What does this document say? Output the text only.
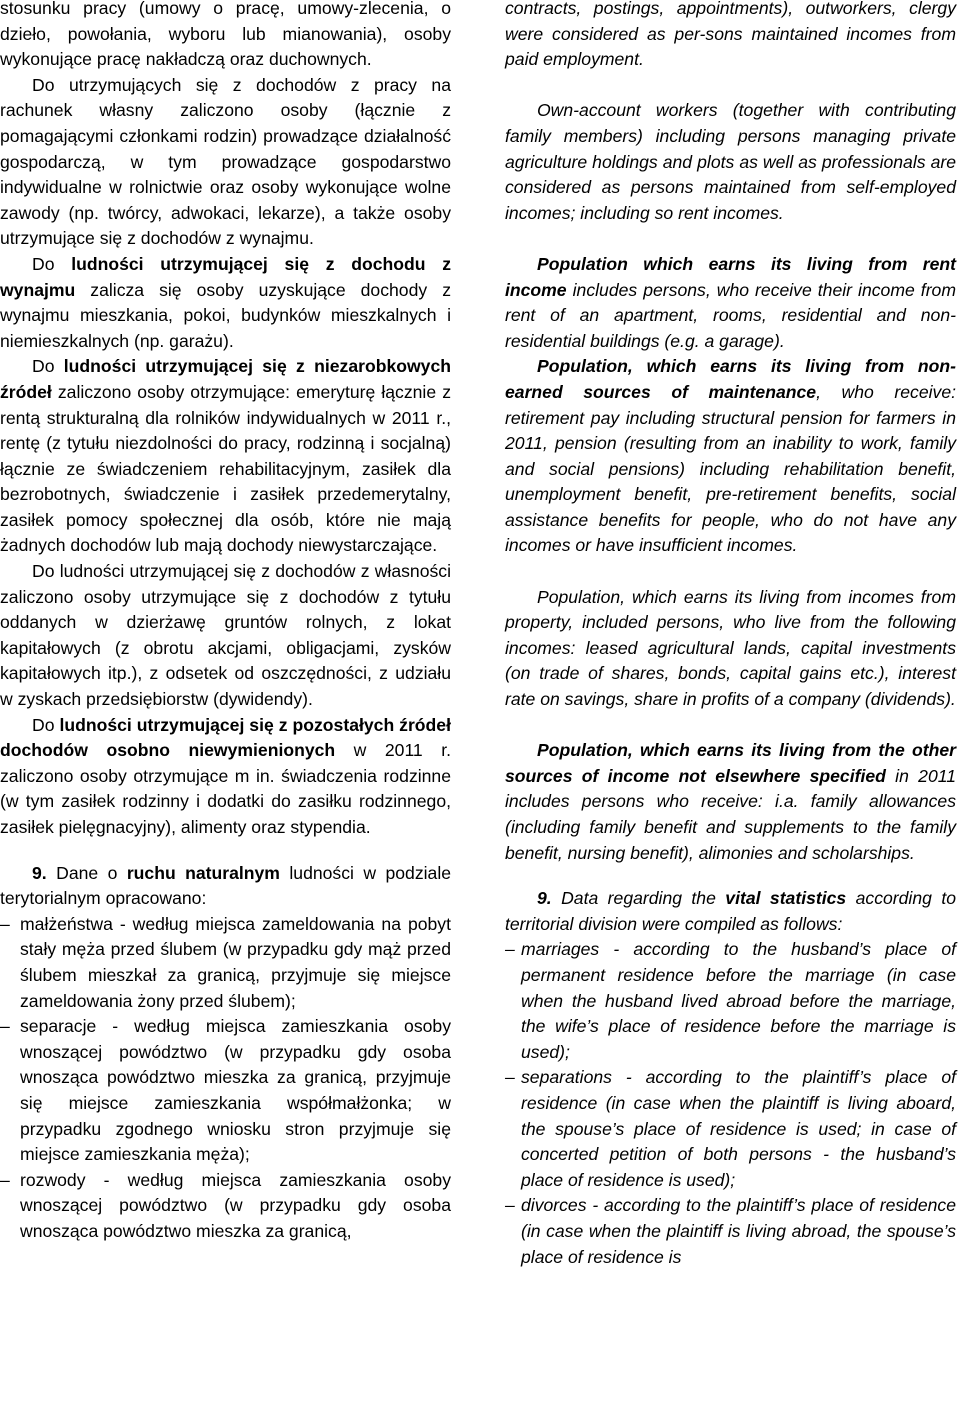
stosunku pracy (umowy o pracę, umowy-zlecenia, o dzieło, powołania, wyboru lub mianowania), osoby wykonujące pracę nakładczą oraz duchownych.

Do utrzymujących się z dochodów z pracy na rachunek własny zaliczono osoby (łącznie z pomagającymi członkami rodzin) prowadzące działalność gospodarczą, w tym prowadzące gospodarstwo indywidualne w rolnictwie oraz osoby wykonujące wolne zawody (np. twórcy, adwokaci, lekarze), a także osoby utrzymujące się z dochodów z wynajmu.

Do ludności utrzymującej się z dochodu z wynajmu zalicza się osoby uzyskujące dochody z wynajmu mieszkania, pokoi, budynków mieszkalnych i niemieszkalnych (np. garażu).

Do ludności utrzymującej się z niezarobkowych źródeł zaliczono osoby otrzymujące: emeryturę łącznie z rentą strukturalną dla rolników indywidualnych w 2011 r., rentę (z tytułu niezdolności do pracy, rodzinną i socjalną) łącznie ze świadczeniem rehabilitacyjnym, zasiłek dla bezrobotnych, świadczenie i zasiłek przedemerytalny, zasiłek pomocy społecznej dla osób, które nie mają żadnych dochodów lub mają dochody niewystarczające.

Do ludności utrzymującej się z dochodów z własności zaliczono osoby utrzymujące się z dochodów z tytułu oddanych w dzierżawę gruntów rolnych, z lokat kapitałowych (z obrotu akcjami, obligacjami, zysków kapitałowych itp.), z odsetek od oszczędności, z udziału w zyskach przedsiębiorstw (dywidendy).

Do ludności utrzymującej się z pozostałych źródeł dochodów osobno niewymienionych w 2011 r. zaliczono osoby otrzymujące m in. świadczenia rodzinne (w tym zasiłek rodzinny i dodatki do zasiłku rodzinnego, zasiłek pielęgnacyjny), alimenty oraz stypendia.

9. Dane o ruchu naturalnym ludności w podziale terytorialnym opracowano:

– małżeństwa - według miejsca zameldowania na pobyt stały męża przed ślubem (w przypadku gdy mąż przed ślubem mieszkał za granicą, przyjmuje się miejsce zameldowania żony przed ślubem);
– separacje - według miejsca zamieszkania osoby wnoszącej powództwo (w przypadku gdy osoba wnosząca powództwo mieszka za granicą, przyjmuje się miejsce zamieszkania współmałżonka; w przypadku zgodnego wniosku stron przyjmuje się miejsce zamieszkania męża);
– rozwody - według miejsca zamieszkania osoby wnoszącej powództwo (w przypadku gdy osoba wnosząca powództwo mieszka za granicą,

contracts, postings, appointments), outworkers, clergy were considered as per-sons maintained incomes from paid employment.

Own-account workers (together with contributing family members) including persons managing private agriculture holdings and plots as well as professionals are considered as persons maintained from self-employed incomes; including so rent incomes.

Population which earns its living from rent income includes persons, who receive their income from rent of an apartment, rooms, residential and non-residential buildings (e.g. a garage).

Population, which earns its living from non-earned sources of maintenance, who receive: retirement pay including structural pension for farmers in 2011, pension (resulting from an inability to work, family and social pensions) including rehabilitation benefit, unemployment benefit, pre-retirement benefits, social assistance benefits for people, who do not have any incomes or have insufficient incomes.

Population, which earns its living from incomes from property, included persons, who live from the following incomes: leased agricultural lands, capital investments (on trade of shares, bonds, capital gains etc.), interest rate on savings, share in profits of a company (dividends).

Population, which earns its living from the other sources of income not elsewhere specified in 2011 includes persons who receive: i.a. family allowances (including family benefit and supplements to the family benefit, nursing benefit), alimonies and scholarships.

9. Data regarding the vital statistics according to territorial division were compiled as follows:

– marriages - according to the husband’s place of permanent residence before the marriage (in case when the husband lived abroad before the marriage, the wife’s place of residence before the marriage is used);
– separations - according to the plaintiff’s place of residence (in case when the plaintiff is living aboard, the spouse’s place of residence is used; in case of concerted petition of both persons - the husband’s place of residence is used);
– divorces - according to the plaintiff’s place of residence (in case when the plaintiff is living abroad, the spouse’s place of residence is
